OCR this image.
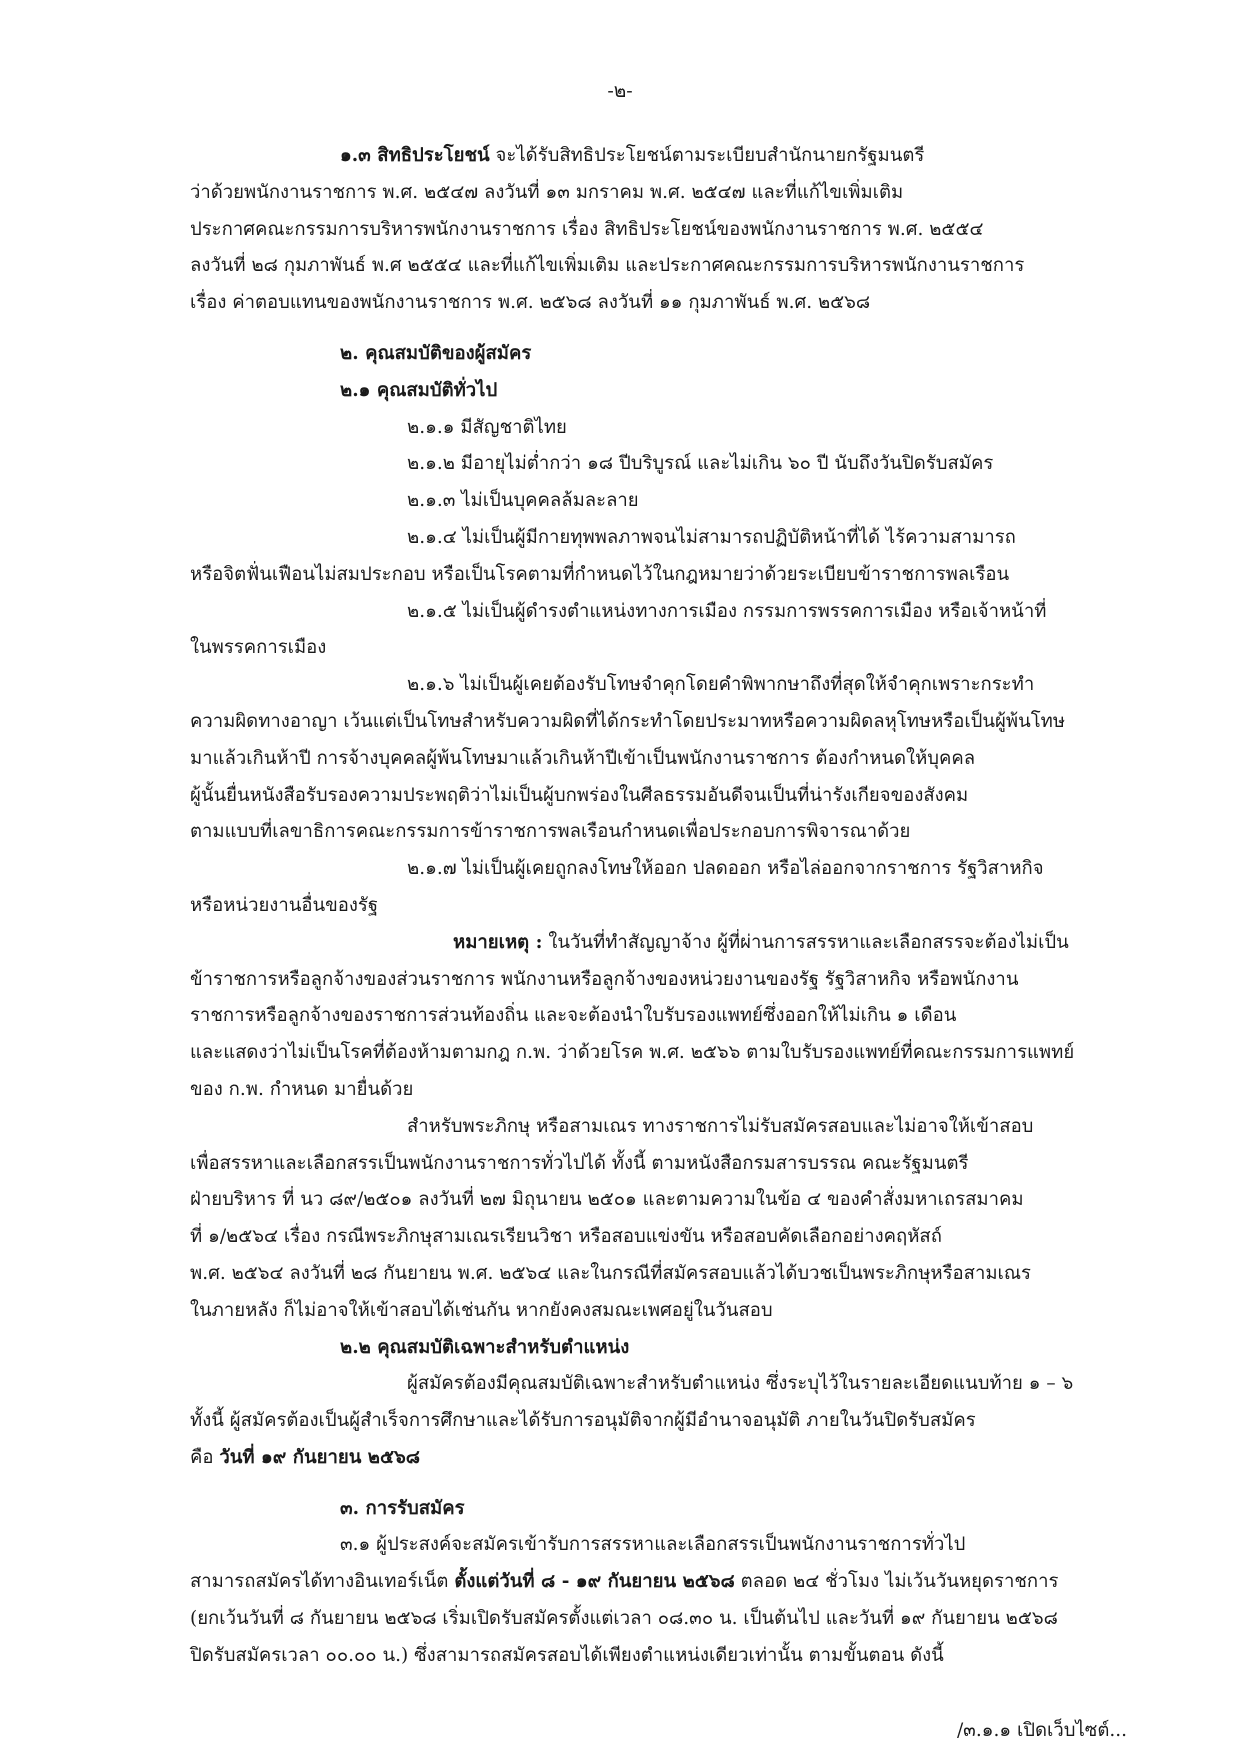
-๒-
๑.๓ สิทธิประโยชน์ จะได้รับสิทธิประโยชน์ตามระเบียบสำนักนายกรัฐมนตรี
ว่าด้วยพนักงานราชการ พ.ศ. ๒๕๔๗ ลงวันที่ ๑๓ มกราคม พ.ศ. ๒๕๔๗ และที่แก้ไขเพิ่มเติม
ประกาศคณะกรรมการบริหารพนักงานราชการ เรื่อง สิทธิประโยชน์ของพนักงานราชการ พ.ศ. ๒๕๕๔
ลงวันที่ ๒๘ กุมภาพันธ์ พ.ศ ๒๕๕๔ และที่แก้ไขเพิ่มเติม และประกาศคณะกรรมการบริหารพนักงานราชการ
เรื่อง ค่าตอบแทนของพนักงานราชการ พ.ศ. ๒๕๖๘ ลงวันที่ ๑๑ กุมภาพันธ์ พ.ศ. ๒๕๖๘
๒. คุณสมบัติของผู้สมัคร
๒.๑ คุณสมบัติทั่วไป
๒.๑.๑ มีสัญชาติไทย
๒.๑.๒ มีอายุไม่ต่ำกว่า ๑๘ ปีบริบูรณ์ และไม่เกิน ๖๐ ปี นับถึงวันปิดรับสมัคร
๒.๑.๓ ไม่เป็นบุคคลล้มละลาย
๒.๑.๔ ไม่เป็นผู้มีกายทุพพลภาพจนไม่สามารถปฏิบัติหน้าที่ได้ ไร้ความสามารถ
หรือจิตฟั่นเฟือนไม่สมประกอบ หรือเป็นโรคตามที่กำหนดไว้ในกฎหมายว่าด้วยระเบียบข้าราชการพลเรือน
๒.๑.๕ ไม่เป็นผู้ดำรงตำแหน่งทางการเมือง กรรมการพรรคการเมือง หรือเจ้าหน้าที่
ในพรรคการเมือง
๒.๑.๖ ไม่เป็นผู้เคยต้องรับโทษจำคุกโดยคำพิพากษาถึงที่สุดให้จำคุกเพราะกระทำ
ความผิดทางอาญา เว้นแต่เป็นโทษสำหรับความผิดที่ได้กระทำโดยประมาทหรือความผิดลหุโทษหรือเป็นผู้พ้นโทษ
มาแล้วเกินห้าปี การจ้างบุคคลผู้พ้นโทษมาแล้วเกินห้าปีเข้าเป็นพนักงานราชการ ต้องกำหนดให้บุคคล
ผู้นั้นยื่นหนังสือรับรองความประพฤติว่าไม่เป็นผู้บกพร่องในศีลธรรมอันดีจนเป็นที่น่ารังเกียจของสังคม
ตามแบบที่เลขาธิการคณะกรรมการข้าราชการพลเรือนกำหนดเพื่อประกอบการพิจารณาด้วย
๒.๑.๗ ไม่เป็นผู้เคยถูกลงโทษให้ออก ปลดออก หรือไล่ออกจากราชการ รัฐวิสาหกิจ
หรือหน่วยงานอื่นของรัฐ
หมายเหตุ : ในวันที่ทำสัญญาจ้าง ผู้ที่ผ่านการสรรหาและเลือกสรรจะต้องไม่เป็น
ข้าราชการหรือลูกจ้างของส่วนราชการ พนักงานหรือลูกจ้างของหน่วยงานของรัฐ รัฐวิสาหกิจ หรือพนักงาน
ราชการหรือลูกจ้างของราชการส่วนท้องถิ่น และจะต้องนำใบรับรองแพทย์ซึ่งออกให้ไม่เกิน ๑ เดือน
และแสดงว่าไม่เป็นโรคที่ต้องห้ามตามกฎ ก.พ. ว่าด้วยโรค พ.ศ. ๒๕๖๖ ตามใบรับรองแพทย์ที่คณะกรรมการแพทย์
ของ ก.พ. กำหนด มายื่นด้วย
สำหรับพระภิกษุ หรือสามเณร ทางราชการไม่รับสมัครสอบและไม่อาจให้เข้าสอบ
เพื่อสรรหาและเลือกสรรเป็นพนักงานราชการทั่วไปได้ ทั้งนี้ ตามหนังสือกรมสารบรรณ คณะรัฐมนตรี
ฝ่ายบริหาร ที่ นว ๘๙/๒๕๐๑ ลงวันที่ ๒๗ มิถุนายน ๒๕๐๑ และตามความในข้อ ๔ ของคำสั่งมหาเถรสมาคม
ที่ ๑/๒๕๖๔ เรื่อง กรณีพระภิกษุสามเณรเรียนวิชา หรือสอบแข่งขัน หรือสอบคัดเลือกอย่างคฤหัสถ์
พ.ศ. ๒๕๖๔ ลงวันที่ ๒๘ กันยายน พ.ศ. ๒๕๖๔ และในกรณีที่สมัครสอบแล้วได้บวชเป็นพระภิกษุหรือสามเณร
ในภายหลัง ก็ไม่อาจให้เข้าสอบได้เช่นกัน หากยังคงสมณะเพศอยู่ในวันสอบ
๒.๒ คุณสมบัติเฉพาะสำหรับตำแหน่ง
ผู้สมัครต้องมีคุณสมบัติเฉพาะสำหรับตำแหน่ง ซึ่งระบุไว้ในรายละเอียดแนบท้าย ๑ – ๖
ทั้งนี้ ผู้สมัครต้องเป็นผู้สำเร็จการศึกษาและได้รับการอนุมัติจากผู้มีอำนาจอนุมัติ ภายในวันปิดรับสมัคร
คือ วันที่ ๑๙ กันยายน ๒๕๖๘
๓. การรับสมัคร
๓.๑ ผู้ประสงค์จะสมัครเข้ารับการสรรหาและเลือกสรรเป็นพนักงานราชการทั่วไป
สามารถสมัครได้ทางอินเทอร์เน็ต ตั้งแต่วันที่ ๘ - ๑๙ กันยายน ๒๕๖๘ ตลอด ๒๔ ชั่วโมง ไม่เว้นวันหยุดราชการ
(ยกเว้นวันที่ ๘ กันยายน ๒๕๖๘ เริ่มเปิดรับสมัครตั้งแต่เวลา ๐๘.๓๐ น. เป็นต้นไป และวันที่ ๑๙ กันยายน ๒๕๖๘
ปิดรับสมัครเวลา ๐๐.๐๐ น.) ซึ่งสามารถสมัครสอบได้เพียงตำแหน่งเดียวเท่านั้น ตามขั้นตอน ดังนี้
/๓.๑.๑ เปิดเว็บไซต์...
